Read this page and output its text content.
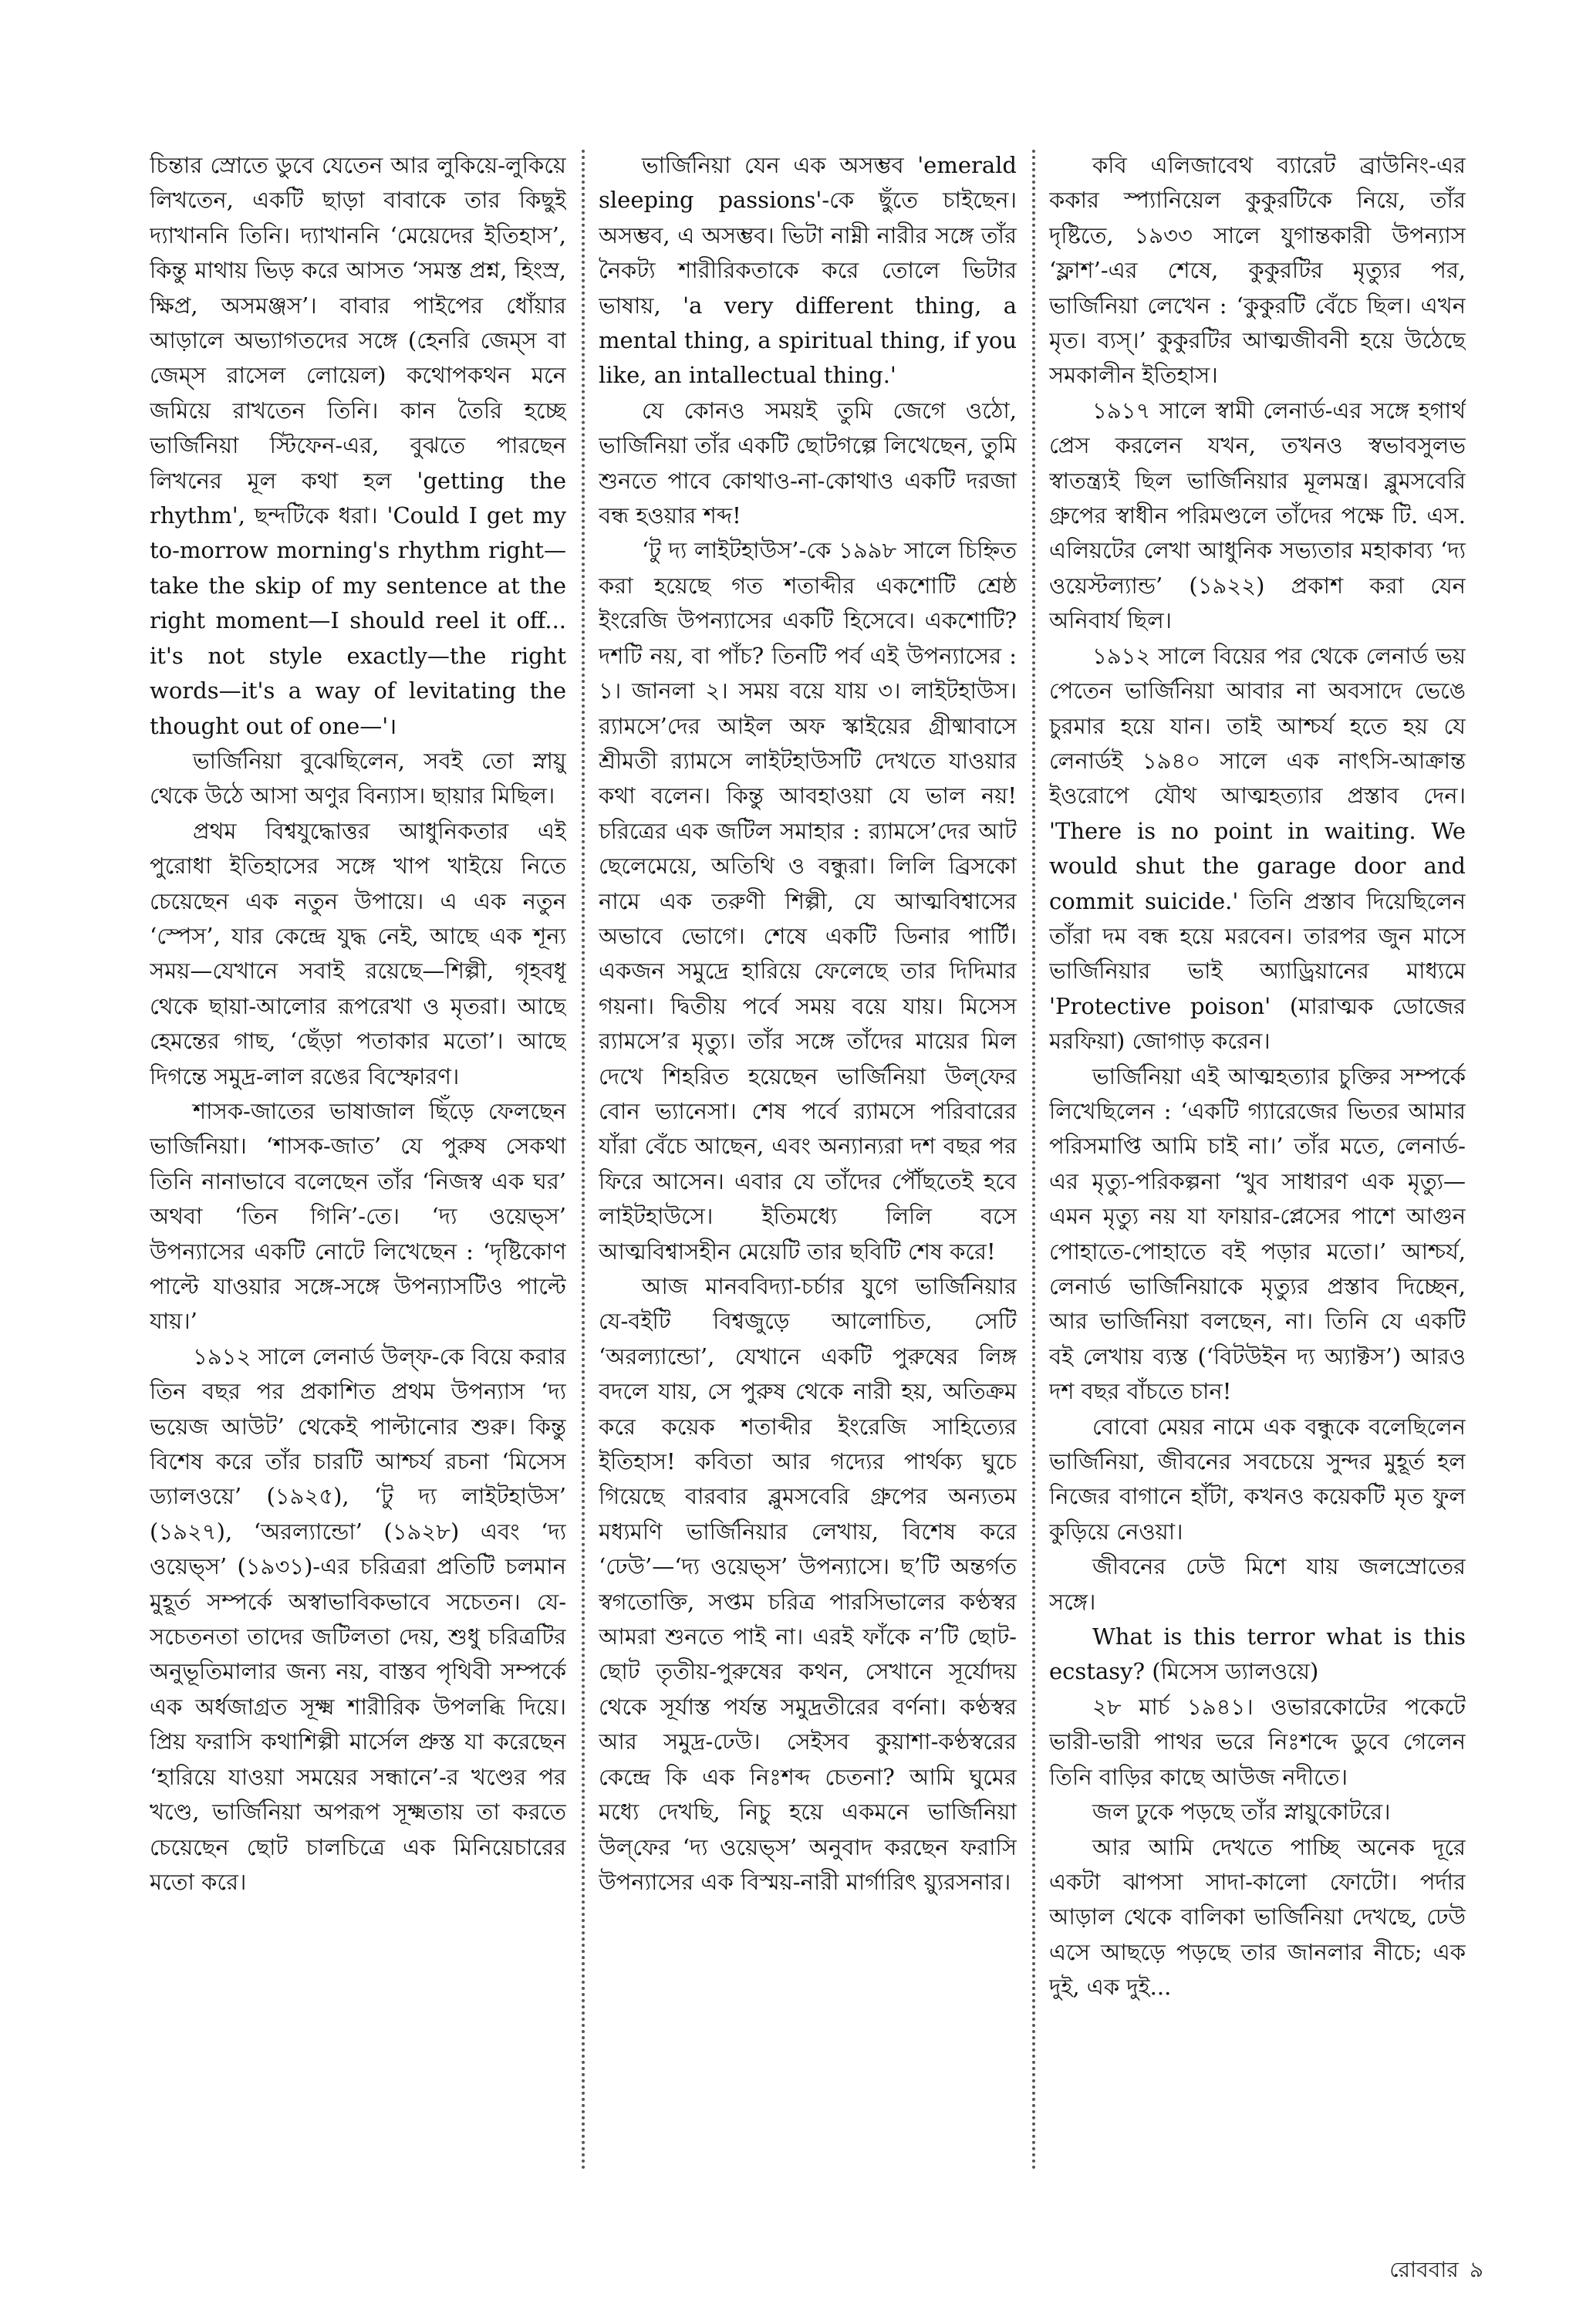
চিন্তার স্রোতে ডুবে যেতেন আর লুকিয়ে-লুকিয়ে লিখতেন, একটি ছাড়া বাবাকে তার কিছুই দ্যাখাননি তিনি। দ্যাখাননি ‘মেয়েদের ইতিহাস’, কিন্তু মাথায় ভিড় করে আসত ‘সমস্ত প্রশ্ন, হিংস্র, ক্ষিপ্র, অসমঞ্জস’। বাবার পাইপের ধোঁয়ার আড়ালে অভ্যাগতদের সঙ্গে (হেনরি জেম্‌স বা জেম্‌স রাসেল লোয়েল) কথোপকথন মনে জমিয়ে রাখতেন তিনি। কান তৈরি হচ্ছে ভার্জিনিয়া স্টিফেন-এর, বুঝতে পারছেন লিখনের মূল কথা হল 'getting the rhythm', ছন্দটিকে ধরা। 'Could I get my to-morrow morning's rhythm right—take the skip of my sentence at the right moment—I should reel it off... it's not style exactly—the right words—it's a way of levitating the thought out of one—'।

ভার্জিনিয়া বুঝেছিলেন, সবই তো স্নায়ু থেকে উঠে আসা অণুর বিন্যাস। ছায়ার মিছিল।

প্রথম বিশ্বযুদ্ধোত্তর আধুনিকতার এই পুরোধা ইতিহাসের সঙ্গে খাপ খাইয়ে নিতে চেয়েছেন এক নতুন উপায়ে। এ এক নতুন ‘স্পেস’, যার কেন্দ্রে যুদ্ধ নেই, আছে এক শূন্য সময়—যেখানে সবাই রয়েছে—শিল্পী, গৃহবধূ থেকে ছায়া-আলোর রূপরেখা ও মৃতরা। আছে হেমন্তের গাছ, ‘ছেঁড়া পতাকার মতো’। আছে দিগন্তে সমুদ্র-লাল রঙের বিস্ফোরণ।

শাসক-জাতের ভাষাজাল ছিঁড়ে ফেলছেন ভার্জিনিয়া। ‘শাসক-জাত’ যে পুরুষ সেকথা তিনি নানাভাবে বলেছেন তাঁর ‘নিজস্ব এক ঘর’ অথবা ‘তিন গিনি’-তে। ‘দ্য ওয়েভ্‌স’ উপন্যাসের একটি নোটে লিখেছেন : ‘দৃষ্টিকোণ পাল্টে যাওয়ার সঙ্গে-সঙ্গে উপন্যাসটিও পাল্টে যায়।’

১৯১২ সালে লেনার্ড উল্‌ফ-কে বিয়ে করার তিন বছর পর প্রকাশিত প্রথম উপন্যাস ‘দ্য ভয়েজ আউট’ থেকেই পাল্টানোর শুরু। কিন্তু বিশেষ করে তাঁর চারটি আশ্চর্য রচনা ‘মিসেস ড্যালওয়ে’ (১৯২৫), ‘টু দ্য লাইটহাউস’ (১৯২৭), ‘অরল্যান্ডো’ (১৯২৮) এবং ‘দ্য ওয়েভ্‌স’ (১৯৩১)-এর চরিত্ররা প্রতিটি চলমান মুহূর্ত সম্পর্কে অস্বাভাবিকভাবে সচেতন। যে-সচেতনতা তাদের জটিলতা দেয়, শুধু চরিত্রটির অনুভূতিমালার জন্য নয়, বাস্তব পৃথিবী সম্পর্কে এক অর্ধজাগ্রত সূক্ষ্ম শারীরিক উপলব্ধি দিয়ে। প্রিয় ফরাসি কথাশিল্পী মার্সেল প্রুস্ত যা করেছেন ‘হারিয়ে যাওয়া সময়ের সন্ধানে’-র খণ্ডের পর খণ্ডে, ভার্জিনিয়া অপরূপ সূক্ষ্মতায় তা করতে চেয়েছেন ছোট চালচিত্রে এক মিনিয়েচারের মতো করে।

ভার্জিনিয়া যেন এক অসম্ভব 'emerald sleeping passions'-কে ছুঁতে চাইছেন। অসম্ভব, এ অসম্ভব। ভিটা নাম্নী নারীর সঙ্গে তাঁর নৈকট্য শারীরিকতাকে করে তোলে ভিটার ভাষায়, 'a very different thing, a mental thing, a spiritual thing, if you like, an intallectual thing.'

যে কোনও সময়ই তুমি জেগে ওঠো, ভার্জিনিয়া তাঁর একটি ছোটগল্পে লিখেছেন, তুমি শুনতে পাবে কোথাও-না-কোথাও একটি দরজা বন্ধ হওয়ার শব্দ!

‘টু দ্য লাইটহাউস’-কে ১৯৯৮ সালে চিহ্নিত করা হয়েছে গত শতাব্দীর একশোটি শ্রেষ্ঠ ইংরেজি উপন্যাসের একটি হিসেবে। একশোটি? দশটি নয়, বা পাঁচ? তিনটি পর্ব এই উপন্যাসের : ১। জানলা ২। সময় বয়ে যায় ৩। লাইটহাউস। র‌্যামসে’দের আইল অফ স্কাইয়ের গ্রীষ্মাবাসে শ্রীমতী র‌্যামসে লাইটহাউসটি দেখতে যাওয়ার কথা বলেন। কিন্তু আবহাওয়া যে ভাল নয়! চরিত্রের এক জটিল সমাহার : র‌্যামসে’দের আট ছেলেমেয়ে, অতিথি ও বন্ধুরা। লিলি ব্রিসকো নামে এক তরুণী শিল্পী, যে আত্মবিশ্বাসের অভাবে ভোগে। শেষে একটি ডিনার পার্টি। একজন সমুদ্রে হারিয়ে ফেলেছে তার দিদিমার গয়না। দ্বিতীয় পর্বে সময় বয়ে যায়। মিসেস র‌্যামসে’র মৃত্যু। তাঁর সঙ্গে তাঁদের মায়ের মিল দেখে শিহরিত হয়েছেন ভার্জিনিয়া উল্‌ফের বোন ভ্যানেসা। শেষ পর্বে র‌্যামসে পরিবারের যাঁরা বেঁচে আছেন, এবং অন্যান্যরা দশ বছর পর ফিরে আসেন। এবার যে তাঁদের পৌঁছতেই হবে লাইটহাউসে। ইতিমধ্যে লিলি বসে আত্মবিশ্বাসহীন মেয়েটি তার ছবিটি শেষ করে!

আজ মানববিদ্যা-চর্চার যুগে ভার্জিনিয়ার যে-বইটি বিশ্বজুড়ে আলোচিত, সেটি ‘অরল্যান্ডো’, যেখানে একটি পুরুষের লিঙ্গ বদলে যায়, সে পুরুষ থেকে নারী হয়, অতিক্রম করে কয়েক শতাব্দীর ইংরেজি সাহিত্যের ইতিহাস! কবিতা আর গদ্যের পার্থক্য ঘুচে গিয়েছে বারবার ব্লুমসবেরি গ্রুপের অন্যতম মধ্যমণি ভার্জিনিয়ার লেখায়, বিশেষ করে ‘ঢেউ’—‘দ্য ওয়েভ্‌স’ উপন্যাসে। ছ’টি অন্তর্গত স্বগতোক্তি, সপ্তম চরিত্র পারসিভালের কণ্ঠস্বর আমরা শুনতে পাই না। এরই ফাঁকে ন’টি ছোট-ছোট তৃতীয়-পুরুষের কথন, সেখানে সূর্যোদয় থেকে সূর্যাস্ত পর্যন্ত সমুদ্রতীরের বর্ণনা। কণ্ঠস্বর আর সমুদ্র-ঢেউ। সেইসব কুয়াশা-কণ্ঠস্বরের কেন্দ্রে কি এক নিঃশব্দ চেতনা? আমি ঘুমের মধ্যে দেখছি, নিচু হয়ে একমনে ভার্জিনিয়া উল্‌ফের ‘দ্য ওয়েভ্‌স’ অনুবাদ করছেন ফরাসি উপন্যাসের এক বিস্ময়-নারী মার্গারিৎ য়্যুরসনার।

কবি এলিজাবেথ ব্যারেট ব্রাউনিং-এর ককার স্প্যানিয়েল কুকুরটিকে নিয়ে, তাঁর দৃষ্টিতে, ১৯৩৩ সালে যুগান্তকারী উপন্যাস ‘ফ্লাশ’-এর শেষে, কুকুরটির মৃত্যুর পর, ভার্জিনিয়া লেখেন : ‘কুকুরটি বেঁচে ছিল। এখন মৃত। ব্যস্।’ কুকুরটির আত্মজীবনী হয়ে উঠেছে সমকালীন ইতিহাস।

১৯১৭ সালে স্বামী লেনার্ড-এর সঙ্গে হগার্থ প্রেস করলেন যখন, তখনও স্বভাবসুলভ স্বাতন্ত্র্যই ছিল ভার্জিনিয়ার মূলমন্ত্র। ব্লুমসবেরি গ্রুপের স্বাধীন পরিমণ্ডলে তাঁদের পক্ষে টি. এস. এলিয়টের লেখা আধুনিক সভ্যতার মহাকাব্য ‘দ্য ওয়েস্টল্যান্ড’ (১৯২২) প্রকাশ করা যেন অনিবার্য ছিল।

১৯১২ সালে বিয়ের পর থেকে লেনার্ড ভয় পেতেন ভার্জিনিয়া আবার না অবসাদে ভেঙে চুরমার হয়ে যান। তাই আশ্চর্য হতে হয় যে লেনার্ডই ১৯৪০ সালে এক নাৎসি-আক্রান্ত ইওরোপে যৌথ আত্মহত্যার প্রস্তাব দেন। 'There is no point in waiting. We would shut the garage door and commit suicide.' তিনি প্রস্তাব দিয়েছিলেন তাঁরা দম বন্ধ হয়ে মরবেন। তারপর জুন মাসে ভার্জিনিয়ার ভাই অ্যাড্রিয়ানের মাধ্যমে 'Protective poison' (মারাত্মক ডোজের মরফিয়া) জোগাড় করেন।

ভার্জিনিয়া এই আত্মহত্যার চুক্তির সম্পর্কে লিখেছিলেন : ‘একটি গ্যারেজের ভিতর আমার পরিসমাপ্তি আমি চাই না।’ তাঁর মতে, লেনার্ড-এর মৃত্যু-পরিকল্পনা ‘খুব সাধারণ এক মৃত্যু—এমন মৃত্যু নয় যা ফায়ার-প্লেসের পাশে আগুন পোহাতে-পোহাতে বই পড়ার মতো।’ আশ্চর্য, লেনার্ড ভার্জিনিয়াকে মৃত্যুর প্রস্তাব দিচ্ছেন, আর ভার্জিনিয়া বলছেন, না। তিনি যে একটি বই লেখায় ব্যস্ত (‘বিটউইন দ্য অ্যাক্টস’) আরও দশ বছর বাঁচতে চান!

বোবো মেয়র নামে এক বন্ধুকে বলেছিলেন ভার্জিনিয়া, জীবনের সবচেয়ে সুন্দর মুহূর্ত হল নিজের বাগানে হাঁটা, কখনও কয়েকটি মৃত ফুল কুড়িয়ে নেওয়া।

জীবনের ঢেউ মিশে যায় জলস্রোতের সঙ্গে।

What is this terror what is this ecstasy? (মিসেস ড্যালওয়ে)

২৮ মার্চ ১৯৪১। ওভারকোটের পকেটে ভারী-ভারী পাথর ভরে নিঃশব্দে ডুবে গেলেন তিনি বাড়ির কাছে আউজ নদীতে।

জল ঢুকে পড়ছে তাঁর স্নায়ুকোটরে।

আর আমি দেখতে পাচ্ছি অনেক দূরে একটা ঝাপসা সাদা-কালো ফোটো। পর্দার আড়াল থেকে বালিকা ভার্জিনিয়া দেখছে, ঢেউ এসে আছড়ে পড়ছে তার জানলার নীচে; এক দুই, এক দুই...

রোববার ৯
